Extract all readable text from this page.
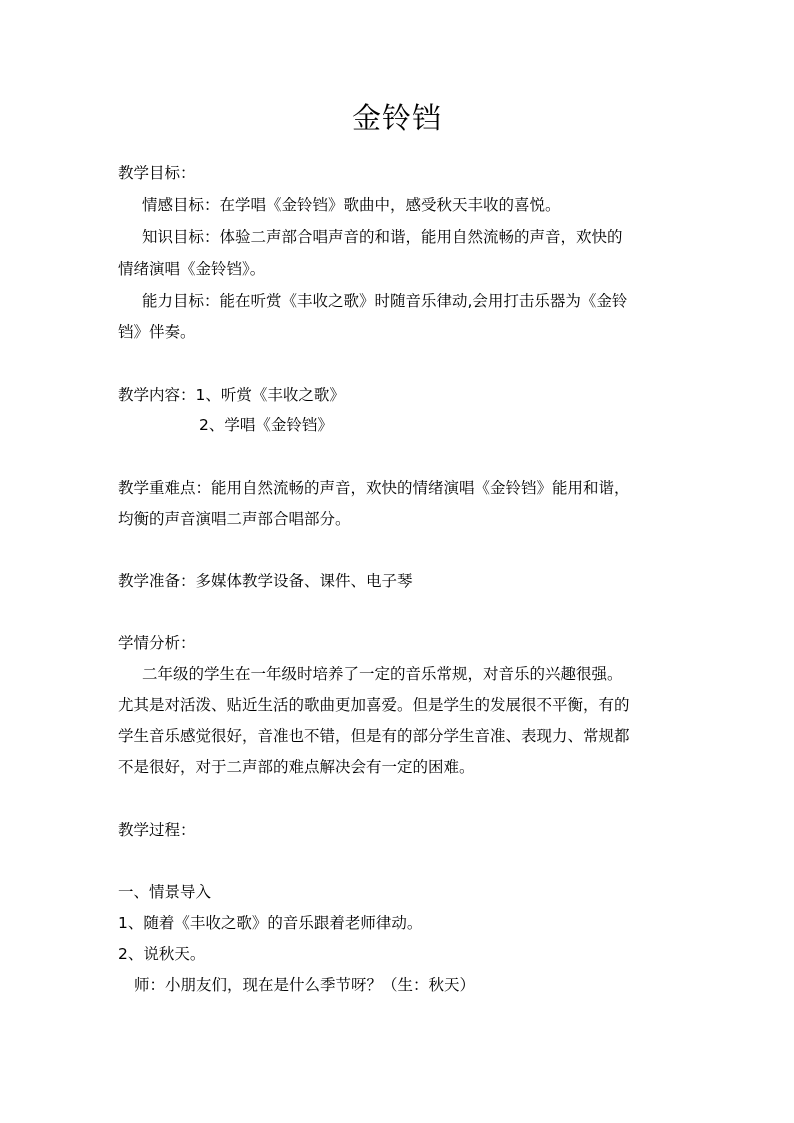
金铃铛
教学目标：
情感目标：在学唱《金铃铛》歌曲中，感受秋天丰收的喜悦。
知识目标：体验二声部合唱声音的和谐，能用自然流畅的声音，欢快的
情绪演唱《金铃铛》。
能力目标：能在听赏《丰收之歌》时随音乐律动,会用打击乐器为《金铃
铛》伴奏。
教学内容：1、听赏《丰收之歌》
2、学唱《金铃铛》
教学重难点：能用自然流畅的声音，欢快的情绪演唱《金铃铛》能用和谐，
均衡的声音演唱二声部合唱部分。
教学准备：多媒体教学设备、课件、电子琴
学情分析：
二年级的学生在一年级时培养了一定的音乐常规，对音乐的兴趣很强。
尤其是对活泼、贴近生活的歌曲更加喜爱。但是学生的发展很不平衡，有的
学生音乐感觉很好，音准也不错，但是有的部分学生音准、表现力、常规都
不是很好，对于二声部的难点解决会有一定的困难。
教学过程：
一、情景导入
1、随着《丰收之歌》的音乐跟着老师律动。
2、说秋天。
师：小朋友们，现在是什么季节呀？（生：秋天）
